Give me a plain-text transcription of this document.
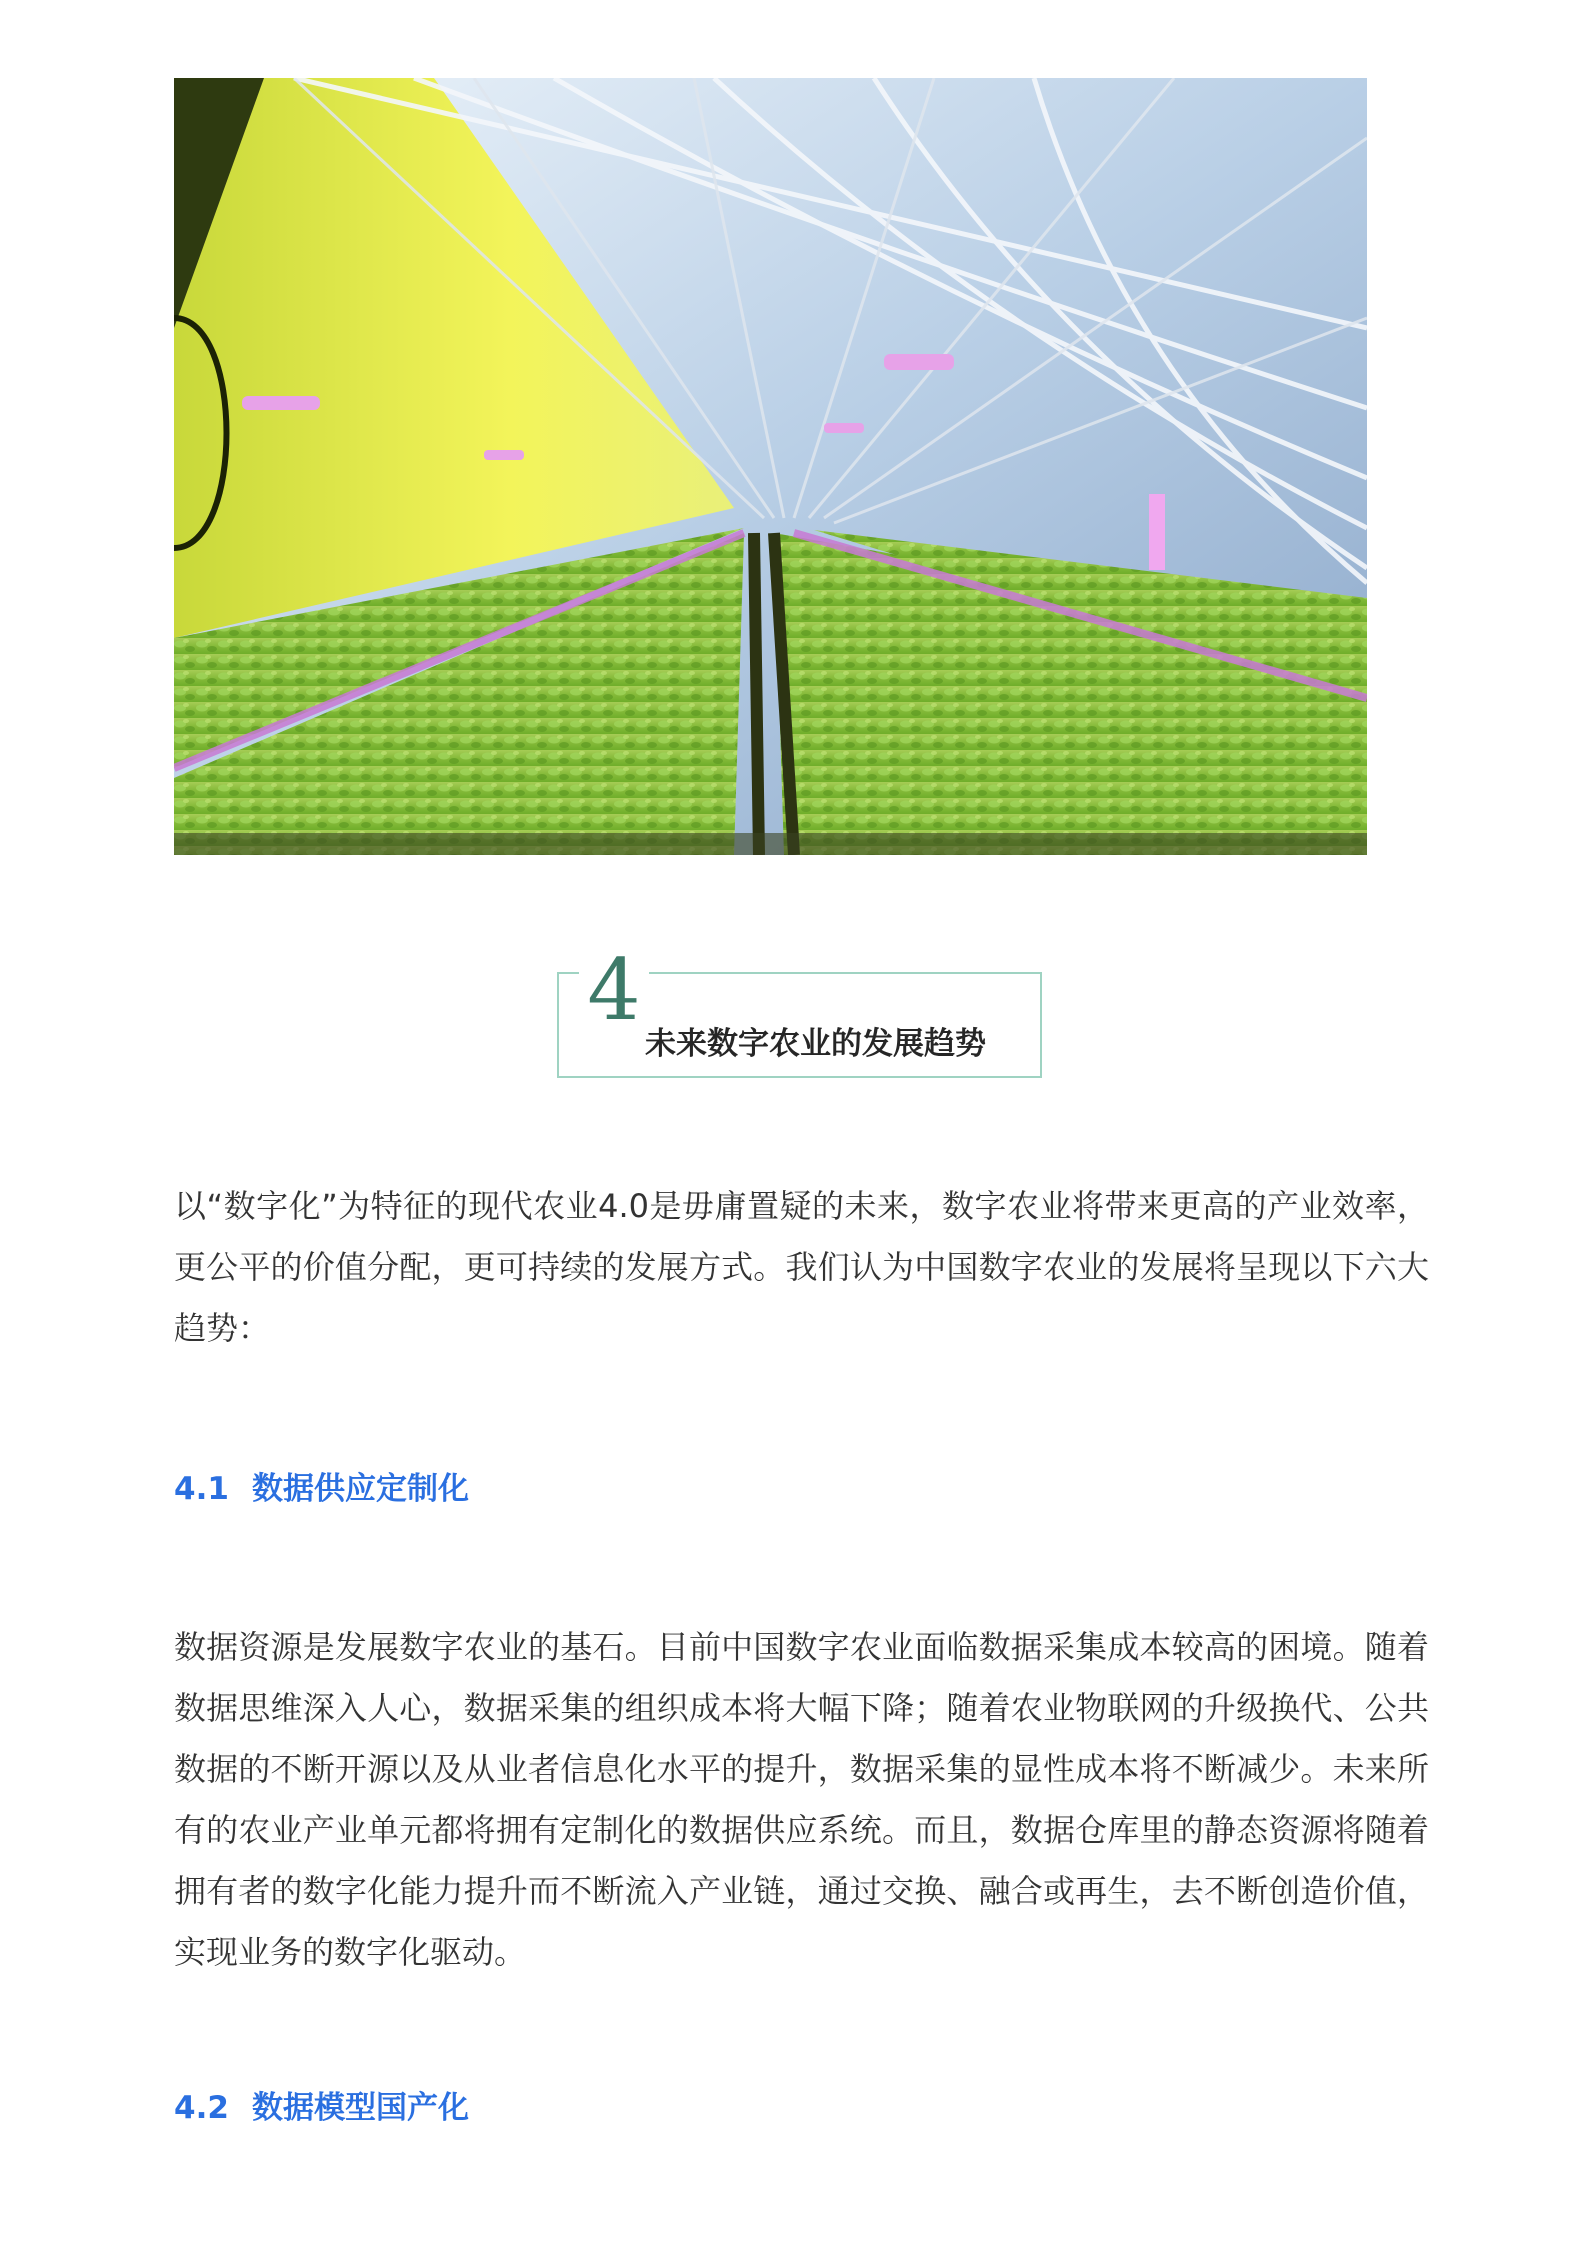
4
未来数字农业的发展趋势

以“数字化”为特征的现代农业4.0是毋庸置疑的未来，数字农业将带来更高的产业效率，更公平的价值分配，更可持续的发展方式。我们认为中国数字农业的发展将呈现以下六大趋势：

4.1 数据供应定制化

数据资源是发展数字农业的基石。目前中国数字农业面临数据采集成本较高的困境。随着数据思维深入人心，数据采集的组织成本将大幅下降；随着农业物联网的升级换代、公共数据的不断开源以及从业者信息化水平的提升，数据采集的显性成本将不断减少。未来所有的农业产业单元都将拥有定制化的数据供应系统。而且，数据仓库里的静态资源将随着拥有者的数字化能力提升而不断流入产业链，通过交换、融合或再生，去不断创造价值，实现业务的数字化驱动。

4.2 数据模型国产化
